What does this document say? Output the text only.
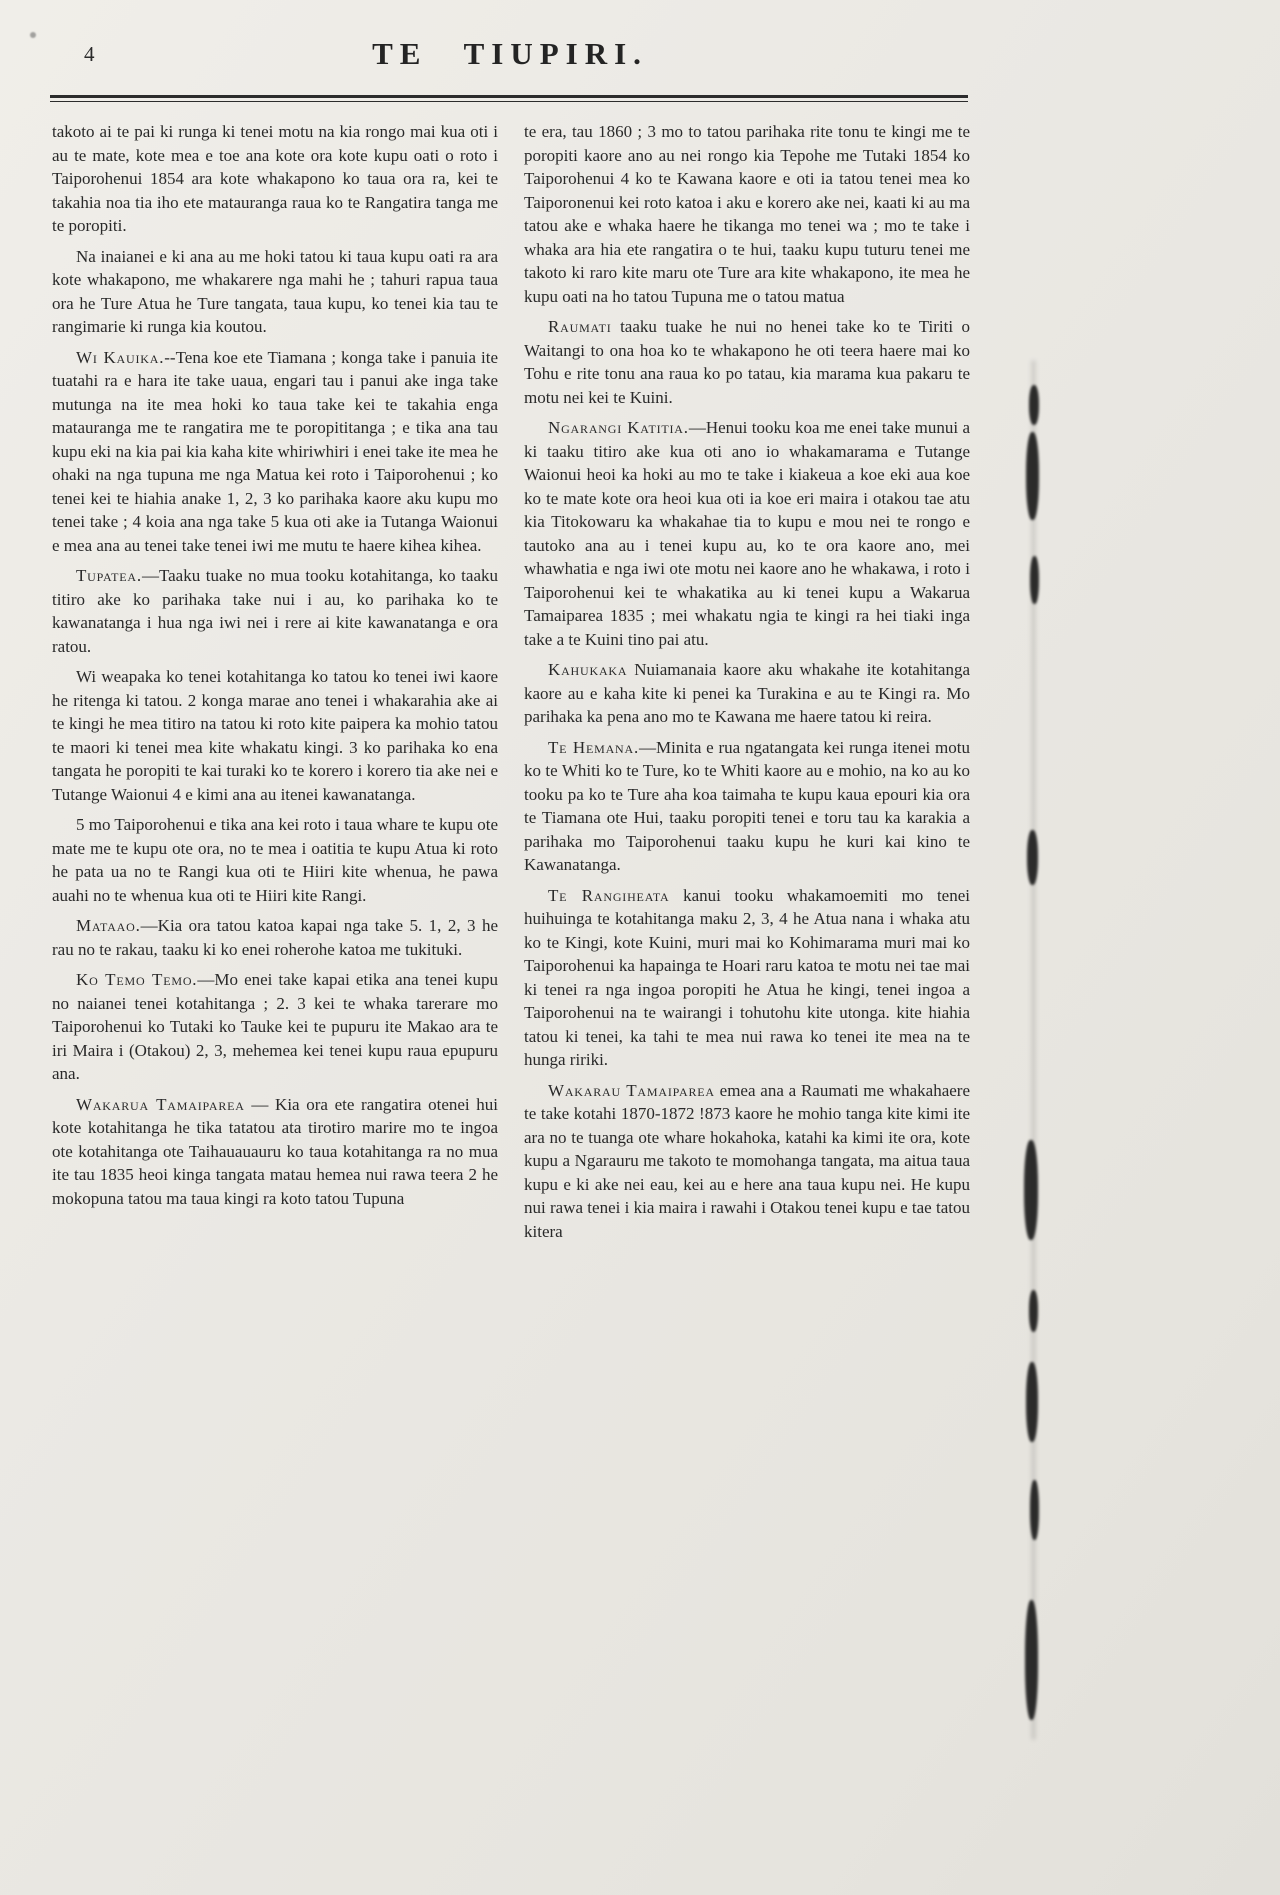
4	TE TIUPIRI.

takoto ai te pai ki runga ki tenei motu na kia rongo mai kua oti i au te mate, kote mea e toe ana kote ora kote kupu oati o roto i Taiporohenui 1854 ara kote whakapono ko taua ora ra, kei te takahia noa tia iho ete matauranga raua ko te Rangatira tanga me te poropiti.

Na inaianei e ki ana au me hoki tatou ki taua kupu oati ra ara kote whakapono, me whakarere nga mahi he ; tahuri rapua taua ora he Ture Atua he Ture tangata, taua kupu, ko tenei kia tau te rangimarie ki runga kia koutou.

Wi Kauika.--Tena koe ete Tiamana ; konga take i panuia ite tuatahi ra e hara ite take uaua, engari tau i panui ake inga take mutunga na ite mea hoki ko taua take kei te takahia enga matauranga me te rangatira me te poropititanga ; e tika ana tau kupu eki na kia pai kia kaha kite whiriwhiri i enei take ite mea he ohaki na nga tupuna me nga Matua kei roto i Taiporohenui ; ko tenei kei te hiahia anake 1, 2, 3 ko parihaka kaore aku kupu mo tenei take ; 4 koia ana nga take 5 kua oti ake ia Tutanga Waionui e mea ana au tenei take tenei iwi me mutu te haere kihea kihea.

Tupatea.—Taaku tuake no mua tooku kotahitanga, ko taaku titiro ake ko parihaka take nui i au, ko parihaka ko te kawanatanga i hua nga iwi nei i rere ai kite kawanatanga e ora ratou.

Wi weapaka ko tenei kotahitanga ko tatou ko tenei iwi kaore he ritenga ki tatou. 2 konga marae ano tenei i whakarahia ake ai te kingi he mea titiro na tatou ki roto kite paipera ka mohio tatou te maori ki tenei mea kite whakatu kingi. 3 ko parihaka ko ena tangata he poropiti te kai turaki ko te korero i korero tia ake nei e Tutange Waionui 4 e kimi ana au itenei kawanatanga.

5 mo Taiporohenui e tika ana kei roto i taua whare te kupu ote mate me te kupu ote ora, no te mea i oatitia te kupu Atua ki roto he pata ua no te Rangi kua oti te Hiiri kite whenua, he pawa auahi no te whenua kua oti te Hiiri kite Rangi.

Mataao.—Kia ora tatou katoa kapai nga take 5. 1, 2, 3 he rau no te rakau, taaku ki ko enei roherohe katoa me tukituki.

Ko Temo Temo.—Mo enei take kapai etika ana tenei kupu no naianei tenei kotahitanga ; 2. 3 kei te whaka tarerare mo Taiporohenui ko Tutaki ko Tauke kei te pupuru ite Makao ara te iri Maira i (Otakou) 2, 3, mehemea kei tenei kupu raua epupuru ana.

Wakarua Tamaiparea — Kia ora ete rangatira otenei hui kote kotahitanga he tika tatatou ata tirotiro marire mo te ingoa ote kotahitanga ote Taihauauauru ko taua kotahitanga ra no mua ite tau 1835 heoi kinga tangata matau hemea nui rawa teera 2 he mokopuna tatou ma taua kingi ra koto tatou Tupuna

te era, tau 1860 ; 3 mo to tatou parihaka rite tonu te kingi me te poropiti kaore ano au nei rongo kia Tepohe me Tutaki 1854 ko Taiporohenui 4 ko te Kawana kaore e oti ia tatou tenei mea ko Taiporonenui kei roto katoa i aku e korero ake nei, kaati ki au ma tatou ake e whaka haere he tikanga mo tenei wa ; mo te take i whaka ara hia ete rangatira o te hui, taaku kupu tuturu tenei me takoto ki raro kite maru ote Ture ara kite whakapono, ite mea he kupu oati na ho tatou Tupuna me o tatou matua

Raumati taaku tuake he nui no henei take ko te Tiriti o Waitangi to ona hoa ko te whakapono he oti teera haere mai ko Tohu e rite tonu ana raua ko po tatau, kia marama kua pakaru te motu nei kei te Kuini.

Ngarangi Katitia.—Henui tooku koa me enei take munui a ki taaku titiro ake kua oti ano io whakamarama e Tutange Waionui heoi ka hoki au mo te take i kiakeua a koe eki aua koe ko te mate kote ora heoi kua oti ia koe eri maira i otakou tae atu kia Titokowaru ka whakahae tia to kupu e mou nei te rongo e tautoko ana au i tenei kupu au, ko te ora kaore ano, mei whawhatia e nga iwi ote motu nei kaore ano he whakawa, i roto i Taiporohenui kei te whakatika au ki tenei kupu a Wakarua Tamaiparea 1835 ; mei whakatu ngia te kingi ra hei tiaki inga take a te Kuini tino pai atu.

Kahukaka Nuiamanaia kaore aku whakahe ite kotahitanga kaore au e kaha kite ki penei ka Turakina e au te Kingi ra. Mo parihaka ka pena ano mo te Kawana me haere tatou ki reira.

Te Hemana.—Minita e rua ngatangata kei runga itenei motu ko te Whiti ko te Ture, ko te Whiti kaore au e mohio, na ko au ko tooku pa ko te Ture aha koa taimaha te kupu kaua epouri kia ora te Tiamana ote Hui, taaku poropiti tenei e toru tau ka karakia a parihaka mo Taiporohenui taaku kupu he kuri kai kino te Kawanatanga.

Te Rangiheata kanui tooku whakamoemiti mo tenei huihuinga te kotahitanga maku 2, 3, 4 he Atua nana i whaka atu ko te Kingi, kote Kuini, muri mai ko Kohimarama muri mai ko Taiporohenui ka hapainga te Hoari raru katoa te motu nei tae mai ki tenei ra nga ingoa poropiti he Atua he kingi, tenei ingoa a Taiporohenui na te wairangi i tohutohu kite utonga. kite hiahia tatou ki tenei, ka tahi te mea nui rawa ko tenei ite mea na te hunga ririki.

Wakarau Tamaiparea emea ana a Raumati me whakahaere te take kotahi 1870-1872 !873 kaore he mohio tanga kite kimi ite ara no te tuanga ote whare hokahoka, katahi ka kimi ite ora, kote kupu a Ngarauru me takoto te momohanga tangata, ma aitua taua kupu e ki ake nei eau, kei au e here ana taua kupu nei. He kupu nui rawa tenei i kia maira i rawahi i Otakou tenei kupu e tae tatou kitera
